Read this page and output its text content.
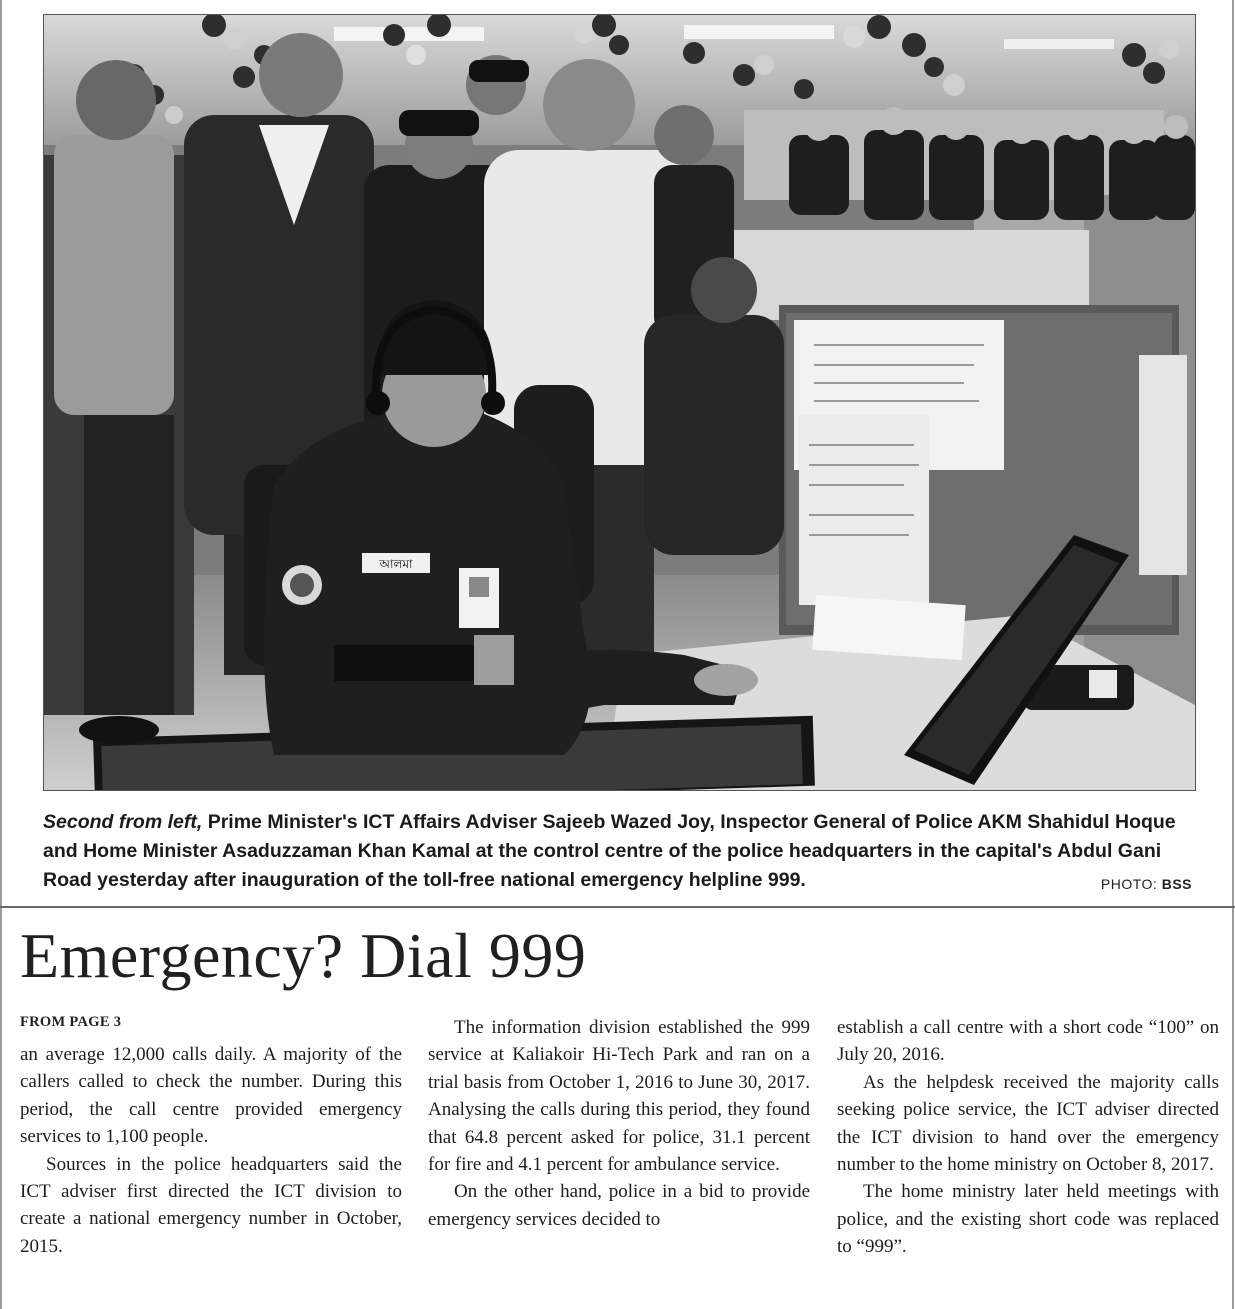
আলমা
Second from left, Prime Minister's ICT Affairs Adviser Sajeeb Wazed Joy, Inspector General of Police AKM Shahidul Hoque and Home Minister Asaduzzaman Khan Kamal at the control centre of the police headquarters in the capital's Abdul Gani Road yesterday after inauguration of the toll-free national emergency helpline 999.	PHOTO: BSS
Emergency? Dial 999
FROM PAGE 3

an average 12,000 calls daily. A majority of the callers called to check the number. During this period, the call centre provided emergency services to 1,100 people.

Sources in the police headquarters said the ICT adviser first directed the ICT division to create a national emergency number in October, 2015.

The information division established the 999 service at Kaliakoir Hi-Tech Park and ran on a trial basis from October 1, 2016 to June 30, 2017. Analysing the calls during this period, they found that 64.8 percent asked for police, 31.1 percent for fire and 4.1 percent for ambulance service.

On the other hand, police in a bid to provide emergency services decided to

establish a call centre with a short code “100” on July 20, 2016.

As the helpdesk received the majority calls seeking police service, the ICT adviser directed the ICT division to hand over the emergency number to the home ministry on October 8, 2017.

The home ministry later held meetings with police, and the existing short code was replaced to “999”.
